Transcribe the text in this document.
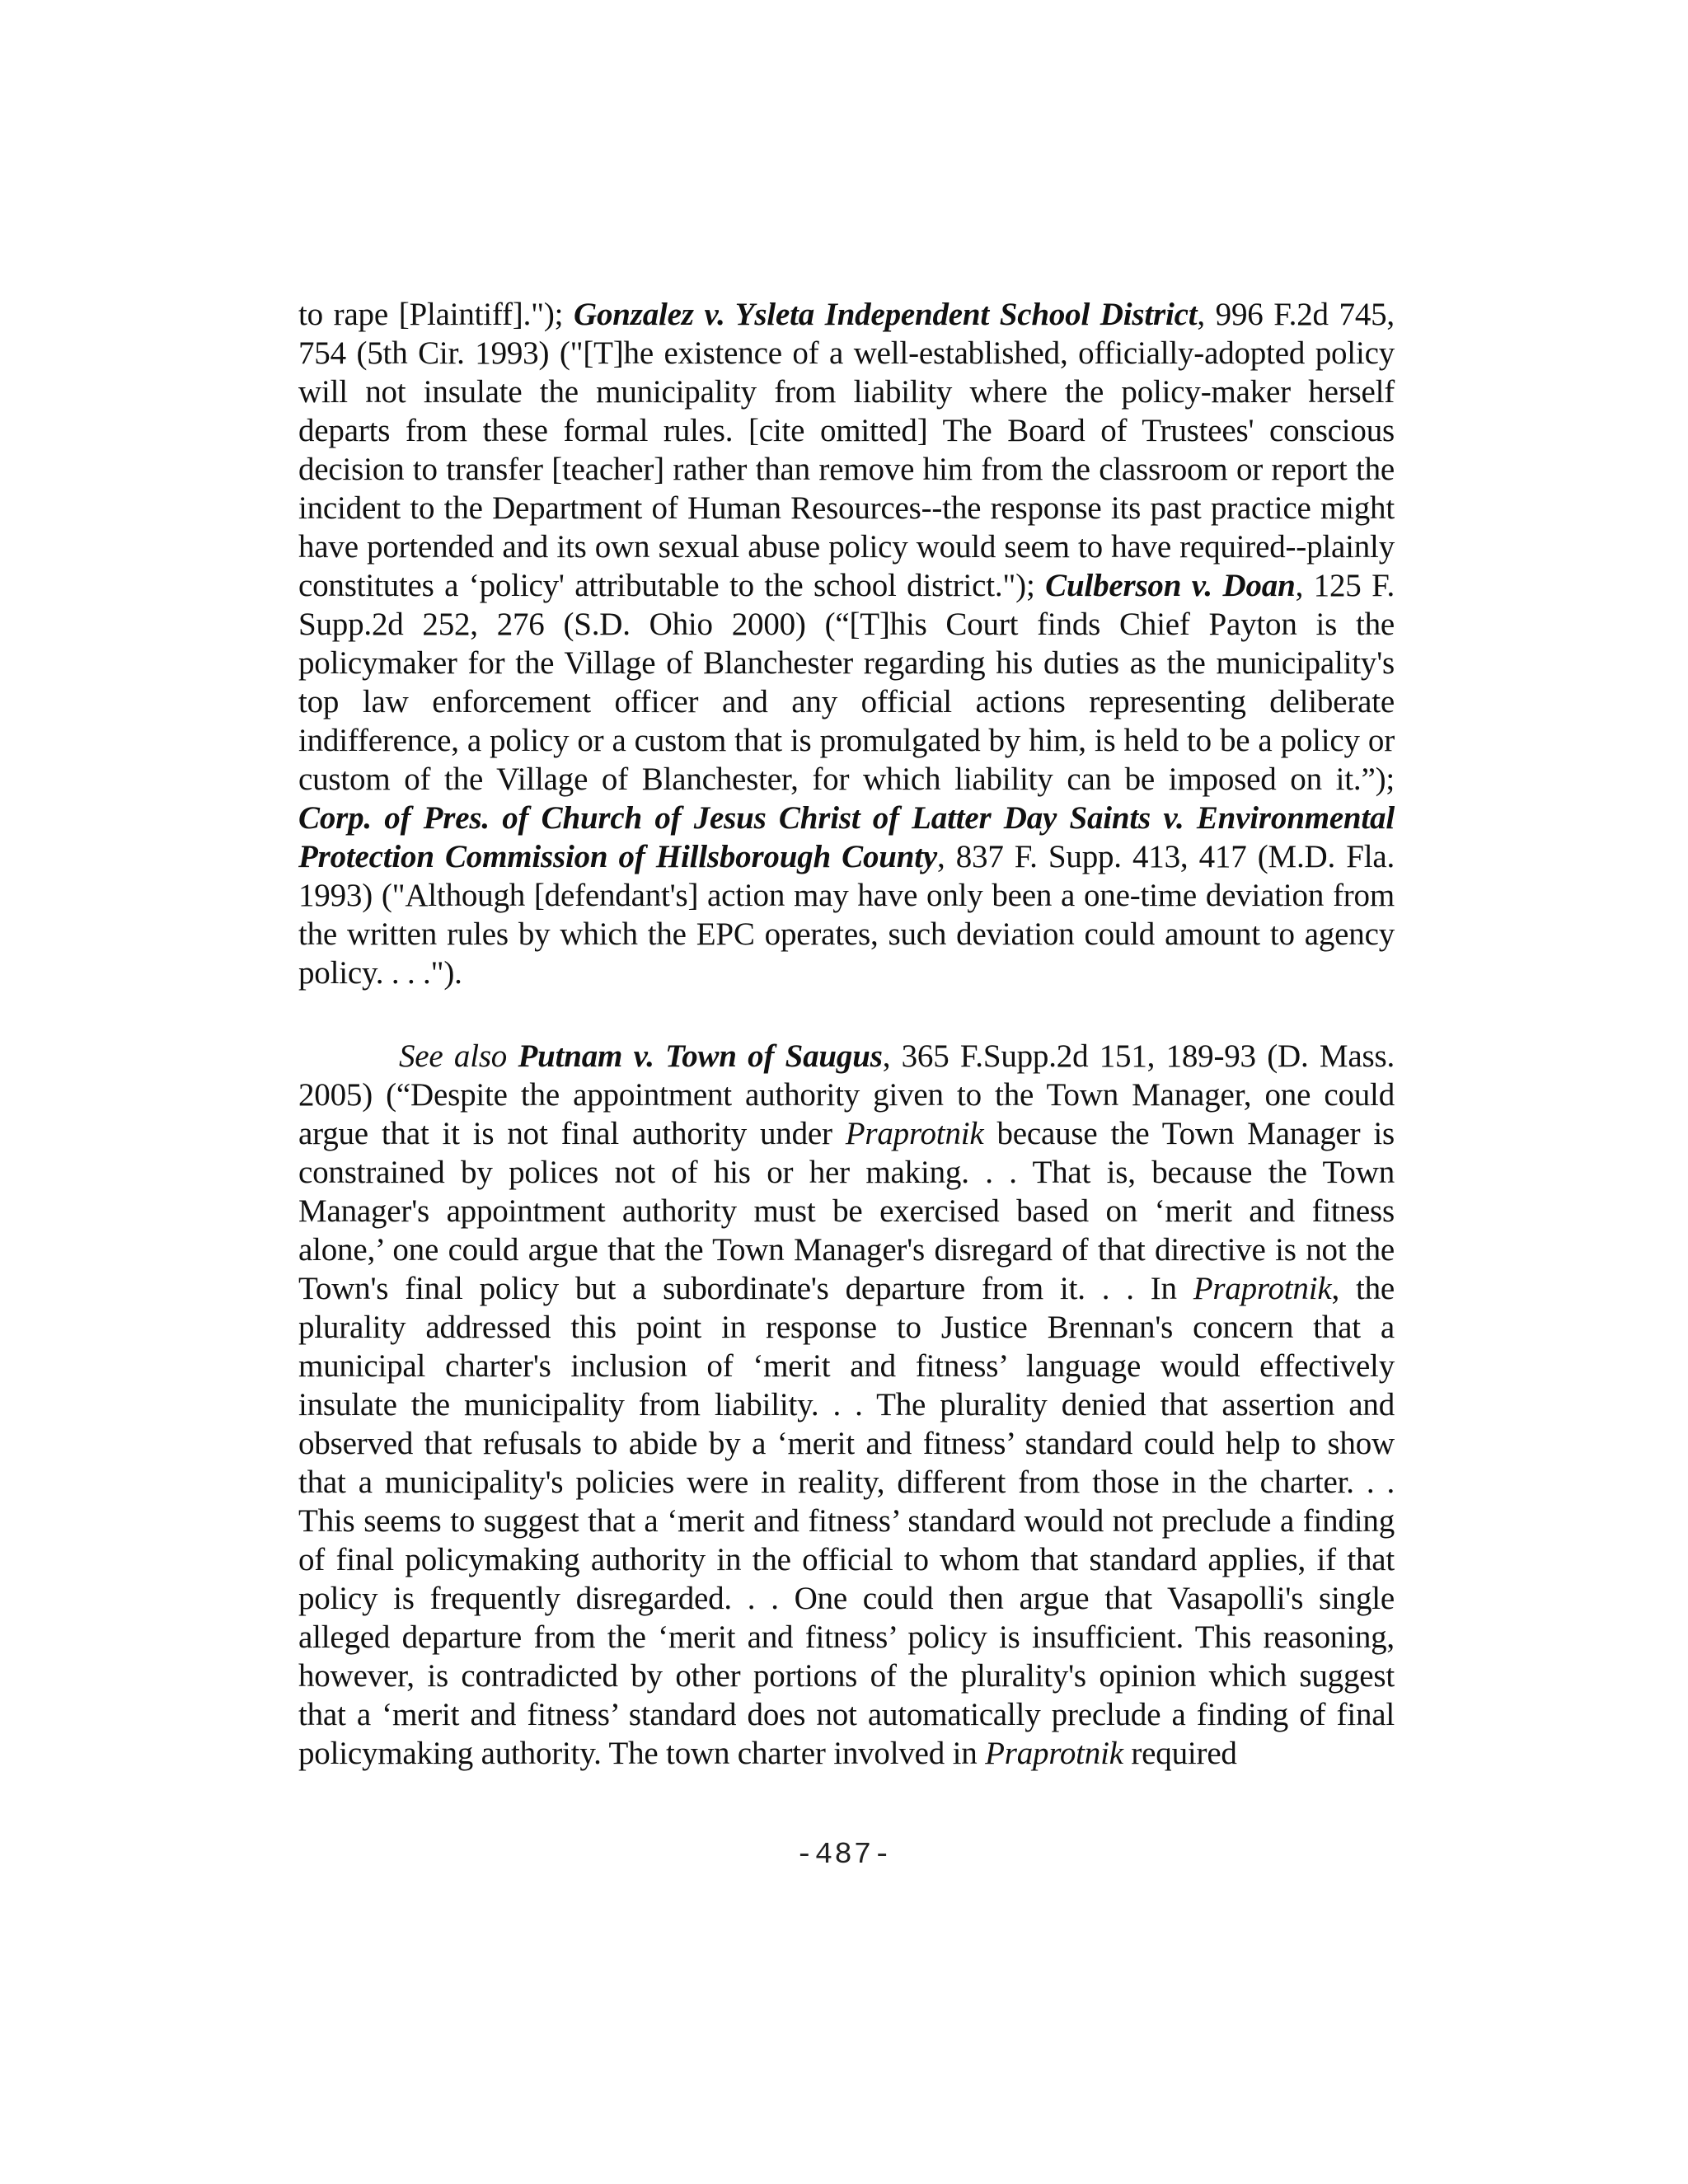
to rape [Plaintiff]."); Gonzalez v. Ysleta Independent School District, 996 F.2d 745, 754 (5th Cir. 1993) ("[T]he existence of a well-established, officially-adopted policy will not insulate the municipality from liability where the policy-maker herself departs from these formal rules. [cite omitted] The Board of Trustees' conscious decision to transfer [teacher] rather than remove him from the classroom or report the incident to the Department of Human Resources--the response its past practice might have portended and its own sexual abuse policy would seem to have required--plainly constitutes a ‘policy' attributable to the school district."); Culberson v. Doan, 125 F. Supp.2d 252, 276 (S.D. Ohio 2000) (“[T]his Court finds Chief Payton is the policymaker for the Village of Blanchester regarding his duties as the municipality's top law enforcement officer and any official actions representing deliberate indifference, a policy or a custom that is promulgated by him, is held to be a policy or custom of the Village of Blanchester, for which liability can be imposed on it.”); Corp. of Pres. of Church of Jesus Christ of Latter Day Saints v. Environmental Protection Commission of Hillsborough County, 837 F. Supp. 413, 417 (M.D. Fla. 1993) ("Although [defendant's] action may have only been a one-time deviation from the written rules by which the EPC operates, such deviation could amount to agency policy. . . .").

See also Putnam v. Town of Saugus, 365 F.Supp.2d 151, 189-93 (D. Mass. 2005) (“Despite the appointment authority given to the Town Manager, one could argue that it is not final authority under Praprotnik because the Town Manager is constrained by polices not of his or her making. . . That is, because the Town Manager's appointment authority must be exercised based on ‘merit and fitness alone,’ one could argue that the Town Manager's disregard of that directive is not the Town's final policy but a subordinate's departure from it. . . In Praprotnik, the plurality addressed this point in response to Justice Brennan's concern that a municipal charter's inclusion of ‘merit and fitness’ language would effectively insulate the municipality from liability. . . The plurality denied that assertion and observed that refusals to abide by a ‘merit and fitness’ standard could help to show that a municipality's policies were in reality, different from those in the charter. . . This seems to suggest that a ‘merit and fitness’ standard would not preclude a finding of final policymaking authority in the official to whom that standard applies, if that policy is frequently disregarded. . . One could then argue that Vasapolli's single alleged departure from the ‘merit and fitness’ policy is insufficient. This reasoning, however, is contradicted by other portions of the plurality's opinion which suggest that a ‘merit and fitness’ standard does not automatically preclude a finding of final policymaking authority. The town charter involved in Praprotnik required

-487-
